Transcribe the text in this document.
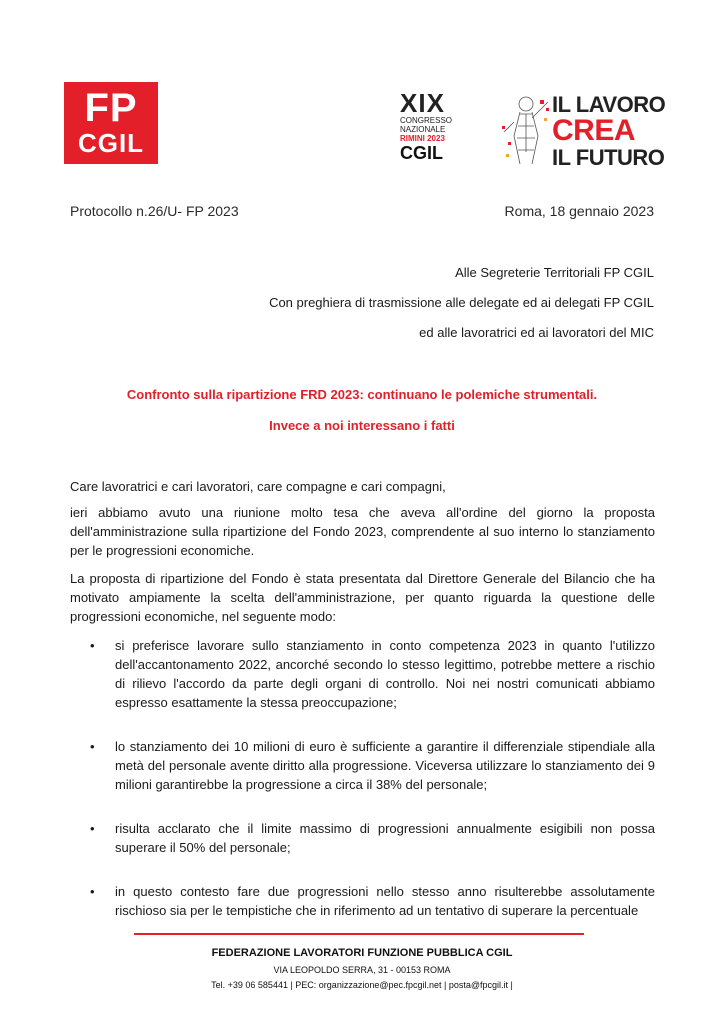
FP
CGIL
XIX
CONGRESSO
NAZIONALE
RIMINI 2023
CGIL
IL LAVORO
CREA
IL FUTURO
Protocollo n.26/U- FP 2023	Roma, 18 gennaio 2023
Alle Segreterie Territoriali FP CGIL
Con preghiera di trasmissione alle delegate ed ai delegati FP CGIL
ed alle lavoratrici ed ai lavoratori del MIC
Confronto sulla ripartizione FRD 2023: continuano le polemiche strumentali.
Invece a noi interessano i fatti
Care lavoratrici e cari lavoratori, care compagne e cari compagni,
ieri abbiamo avuto una riunione molto tesa che aveva all'ordine del giorno la proposta dell'amministrazione sulla ripartizione del Fondo 2023, comprendente al suo interno lo stanziamento per le progressioni economiche.
La proposta di ripartizione del Fondo è stata presentata dal Direttore Generale del Bilancio che ha motivato ampiamente la scelta dell'amministrazione, per quanto riguarda la questione delle progressioni economiche, nel seguente modo:
• si preferisce lavorare sullo stanziamento in conto competenza 2023 in quanto l'utilizzo dell'accantonamento 2022, ancorché secondo lo stesso legittimo, potrebbe mettere a rischio di rilievo l'accordo da parte degli organi di controllo. Noi nei nostri comunicati abbiamo espresso esattamente la stessa preoccupazione;
• lo stanziamento dei 10 milioni di euro è sufficiente a garantire il differenziale stipendiale alla metà del personale avente diritto alla progressione. Viceversa utilizzare lo stanziamento dei 9 milioni garantirebbe la progressione a circa il 38% del personale;
• risulta acclarato che il limite massimo di progressioni annualmente esigibili non possa superare il 50% del personale;
• in questo contesto fare due progressioni nello stesso anno risulterebbe assolutamente rischioso sia per le tempistiche che in riferimento ad un tentativo di superare la percentuale
FEDERAZIONE LAVORATORI FUNZIONE PUBBLICA CGIL
VIA LEOPOLDO SERRA, 31 - 00153 ROMA
Tel. +39 06 585441 | PEC: organizzazione@pec.fpcgil.net | posta@fpcgil.it |
